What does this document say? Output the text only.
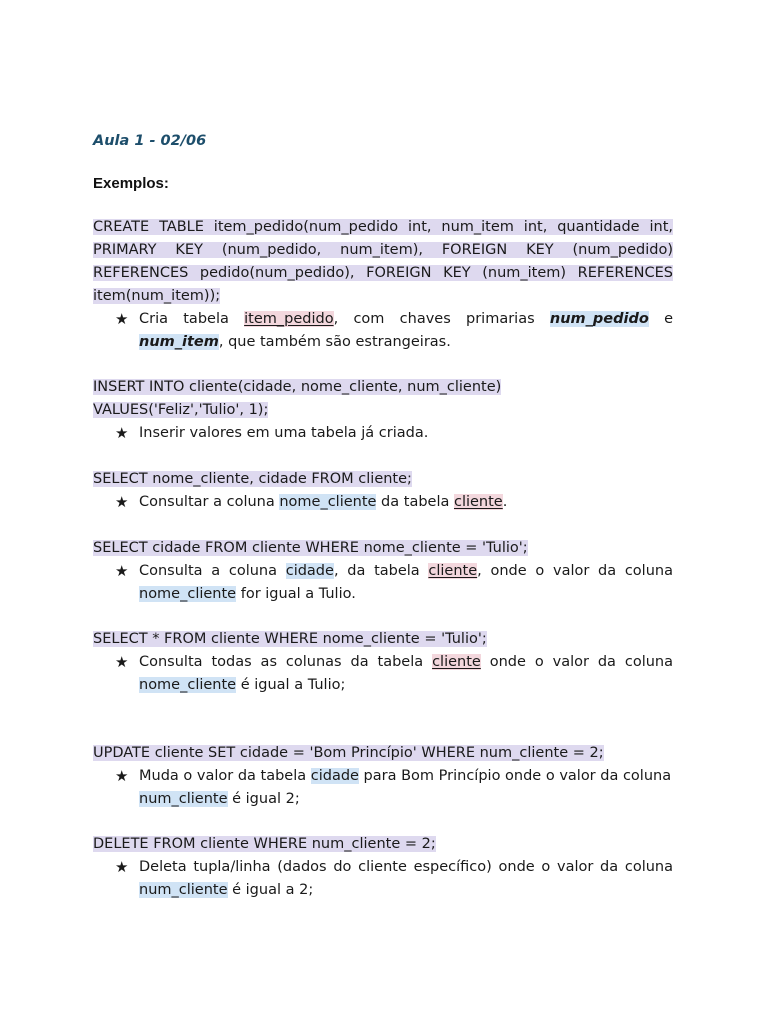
Aula 1 - 02/06
Exemplos:
CREATE TABLE item_pedido(num_pedido int, num_item int, quantidade int, PRIMARY KEY (num_pedido, num_item), FOREIGN KEY (num_pedido) REFERENCES pedido(num_pedido), FOREIGN KEY (num_item) REFERENCES item(num_item));
★ Cria tabela item_pedido, com chaves primarias num_pedido e num_item, que também são estrangeiras.
INSERT INTO cliente(cidade, nome_cliente, num_cliente)
VALUES('Feliz','Tulio', 1);
★ Inserir valores em uma tabela já criada.
SELECT nome_cliente, cidade FROM cliente;
★ Consultar a coluna nome_cliente da tabela cliente.
SELECT cidade FROM cliente WHERE nome_cliente = 'Tulio';
★ Consulta a coluna cidade, da tabela cliente, onde o valor da coluna nome_cliente for igual a Tulio.
SELECT * FROM cliente WHERE nome_cliente = 'Tulio';
★ Consulta todas as colunas da tabela cliente onde o valor da coluna nome_cliente é igual a Tulio;
UPDATE cliente SET cidade = 'Bom Princípio' WHERE num_cliente = 2;
★ Muda o valor da tabela cidade para Bom Princípio onde o valor da coluna num_cliente é igual 2;
DELETE FROM cliente WHERE num_cliente = 2;
★ Deleta tupla/linha (dados do cliente específico) onde o valor da coluna num_cliente é igual a 2;
